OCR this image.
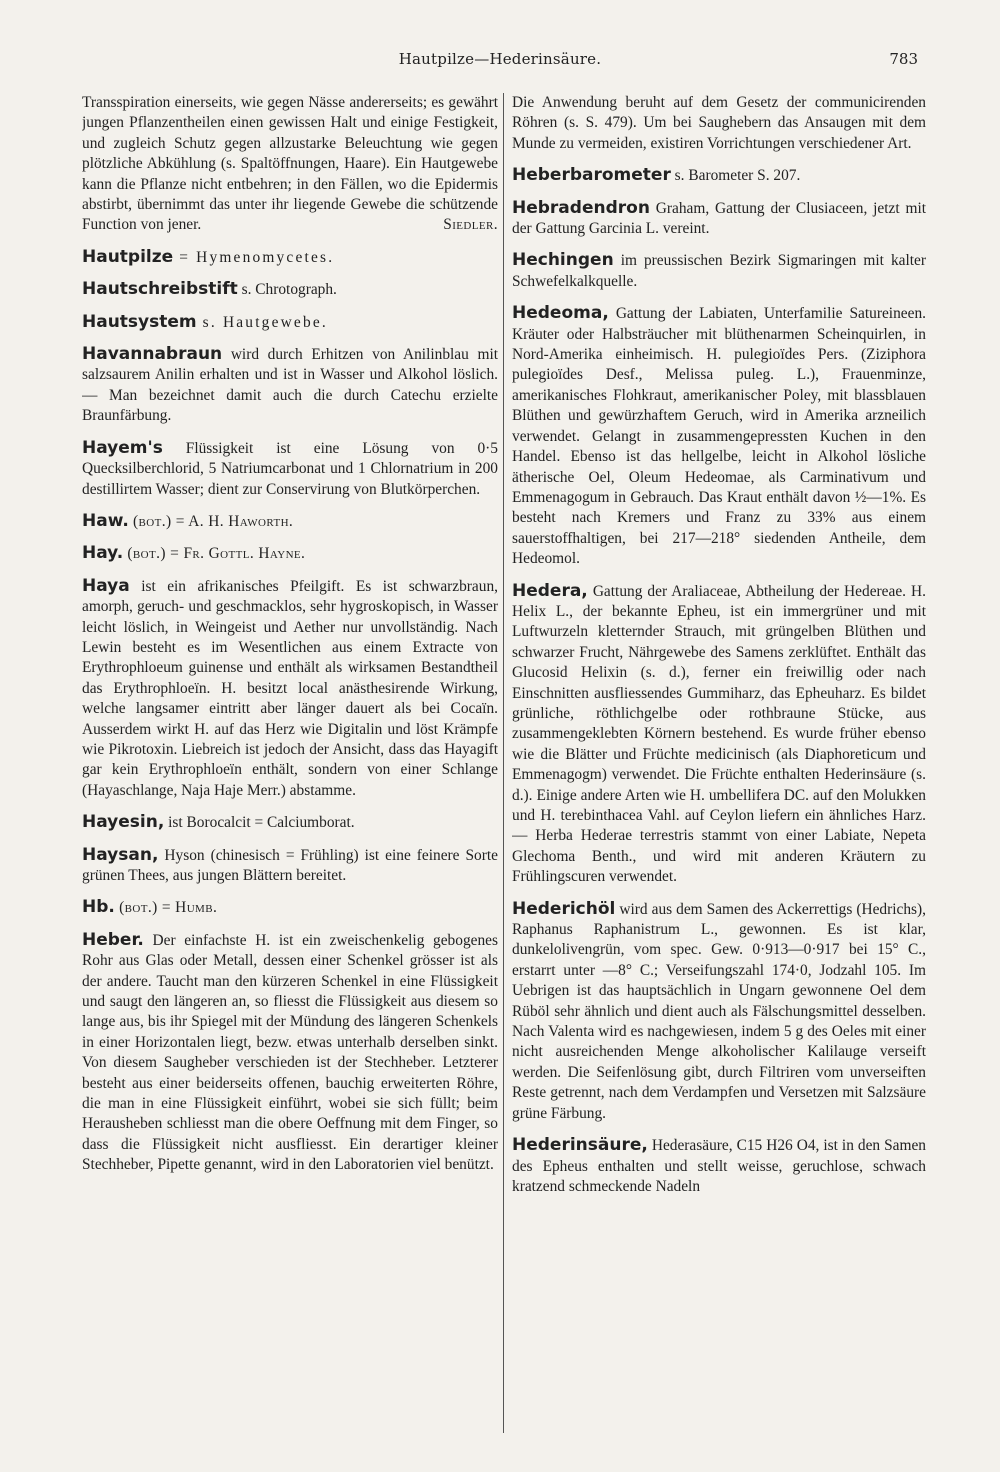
Hautpilze—Hederinsäure.	783

Transspiration einerseits, wie gegen Nässe andererseits; es gewährt jungen Pflanzentheilen einen gewissen Halt und einige Festigkeit, und zugleich Schutz gegen allzustarke Beleuchtung wie gegen plötzliche Abkühlung (s. Spaltöffnungen, Haare). Ein Hautgewebe kann die Pflanze nicht entbehren; in den Fällen, wo die Epidermis abstirbt, übernimmt das unter ihr liegende Gewebe die schützende Function von jener.	Siedler.

Hautpilze = Hymenomycetes.

Hautschreibstift s. Chrotograph.

Hautsystem s. Hautgewebe.

Havannabraun wird durch Erhitzen von Anilinblau mit salzsaurem Anilin erhalten und ist in Wasser und Alkohol löslich. — Man bezeichnet damit auch die durch Catechu erzielte Braunfärbung.

Hayem's Flüssigkeit ist eine Lösung von 0·5 Quecksilberchlorid, 5 Natriumcarbonat und 1 Chlornatrium in 200 destillirtem Wasser; dient zur Conservirung von Blutkörperchen.

Haw. (bot.) = A. H. Haworth.

Hay. (bot.) = Fr. Gottl. Hayne.

Haya ist ein afrikanisches Pfeilgift. Es ist schwarzbraun, amorph, geruch- und geschmacklos, sehr hygroskopisch, in Wasser leicht löslich, in Weingeist und Aether nur unvollständig. Nach Lewin besteht es im Wesentlichen aus einem Extracte von Erythrophloeum guinense und enthält als wirksamen Bestandtheil das Erythrophloeïn. H. besitzt local anästhesirende Wirkung, welche langsamer eintritt aber länger dauert als bei Cocaïn. Ausserdem wirkt H. auf das Herz wie Digitalin und löst Krämpfe wie Pikrotoxin. Liebreich ist jedoch der Ansicht, dass das Hayagift gar kein Erythrophloeïn enthält, sondern von einer Schlange (Hayaschlange, Naja Haje Merr.) abstamme.

Hayesin, ist Borocalcit = Calciumborat.

Haysan, Hyson (chinesisch = Frühling) ist eine feinere Sorte grünen Thees, aus jungen Blättern bereitet.

Hb. (bot.) = Humb.

Heber. Der einfachste H. ist ein zweischenkelig gebogenes Rohr aus Glas oder Metall, dessen einer Schenkel grösser ist als der andere. Taucht man den kürzeren Schenkel in eine Flüssigkeit und saugt den längeren an, so fliesst die Flüssigkeit aus diesem so lange aus, bis ihr Spiegel mit der Mündung des längeren Schenkels in einer Horizontalen liegt, bezw. etwas unterhalb derselben sinkt. Von diesem Saugheber verschieden ist der Stechheber. Letzterer besteht aus einer beiderseits offenen, bauchig erweiterten Röhre, die man in eine Flüssigkeit einführt, wobei sie sich füllt; beim Herausheben schliesst man die obere Oeffnung mit dem Finger, so dass die Flüssigkeit nicht ausfliesst. Ein derartiger kleiner Stechheber, Pipette genannt, wird in den Laboratorien viel benützt.

Die Anwendung beruht auf dem Gesetz der communicirenden Röhren (s. S. 479). Um bei Saughebern das Ansaugen mit dem Munde zu vermeiden, existiren Vorrichtungen verschiedener Art.

Heberbarometer s. Barometer S. 207.

Hebradendron Graham, Gattung der Clusiaceen, jetzt mit der Gattung Garcinia L. vereint.

Hechingen im preussischen Bezirk Sigmaringen mit kalter Schwefelkalkquelle.

Hedeoma, Gattung der Labiaten, Unterfamilie Satureineen. Kräuter oder Halbsträucher mit blüthenarmen Scheinquirlen, in Nord-Amerika einheimisch. H. pulegioïdes Pers. (Ziziphora pulegioïdes Desf., Melissa puleg. L.), Frauenminze, amerikanisches Flohkraut, amerikanischer Poley, mit blassblauen Blüthen und gewürzhaftem Geruch, wird in Amerika arzneilich verwendet. Gelangt in zusammengepressten Kuchen in den Handel. Ebenso ist das hellgelbe, leicht in Alkohol lösliche ätherische Oel, Oleum Hedeomae, als Carminativum und Emmenagogum in Gebrauch. Das Kraut enthält davon ½—1%. Es besteht nach Kremers und Franz zu 33% aus einem sauerstoffhaltigen, bei 217—218° siedenden Antheile, dem Hedeomol.

Hedera, Gattung der Araliaceae, Abtheilung der Hedereae. H. Helix L., der bekannte Epheu, ist ein immergrüner und mit Luftwurzeln kletternder Strauch, mit grüngelben Blüthen und schwarzer Frucht, Nährgewebe des Samens zerklüftet. Enthält das Glucosid Helixin (s. d.), ferner ein freiwillig oder nach Einschnitten ausfliessendes Gummiharz, das Epheuharz. Es bildet grünliche, röthlichgelbe oder rothbraune Stücke, aus zusammengeklebten Körnern bestehend. Es wurde früher ebenso wie die Blätter und Früchte medicinisch (als Diaphoreticum und Emmenagogm) verwendet. Die Früchte enthalten Hederinsäure (s. d.). Einige andere Arten wie H. umbellifera DC. auf den Molukken und H. terebinthacea Vahl. auf Ceylon liefern ein ähnliches Harz. — Herba Hederae terrestris stammt von einer Labiate, Nepeta Glechoma Benth., und wird mit anderen Kräutern zu Frühlingscuren verwendet.

Hederichöl wird aus dem Samen des Ackerrettigs (Hedrichs), Raphanus Raphanistrum L., gewonnen. Es ist klar, dunkelolivengrün, vom spec. Gew. 0·913—0·917 bei 15° C., erstarrt unter —8° C.; Verseifungszahl 174·0, Jodzahl 105. Im Uebrigen ist das hauptsächlich in Ungarn gewonnene Oel dem Rüböl sehr ähnlich und dient auch als Fälschungsmittel desselben. Nach Valenta wird es nachgewiesen, indem 5 g des Oeles mit einer nicht ausreichenden Menge alkoholischer Kalilauge verseift werden. Die Seifenlösung gibt, durch Filtriren vom unverseiften Reste getrennt, nach dem Verdampfen und Versetzen mit Salzsäure grüne Färbung.

Hederinsäure, Hederasäure, C15 H26 O4, ist in den Samen des Epheus enthalten und stellt weisse, geruchlose, schwach kratzend schmeckende Nadeln
